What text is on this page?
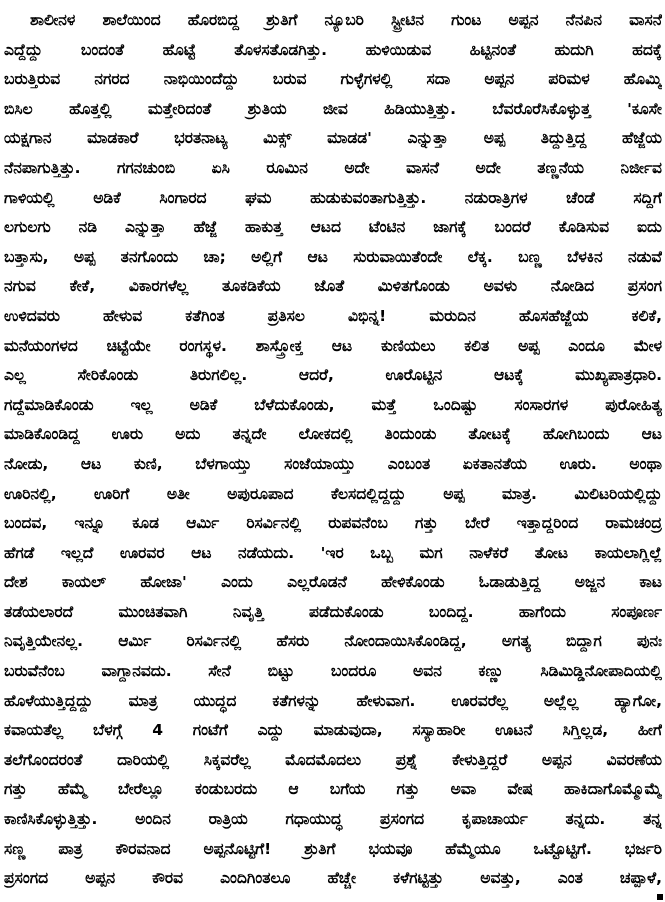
ಶಾಲೀನಳ ಶಾಲೆಯಿಂದ ಹೊರಬಿದ್ದ ಶ್ರುತಿಗೆ ನ್ಯೂಬರಿ ಸ್ಟ್ರೀಟಿನ ಗುಂಟ ಅಪ್ಪನ ನೆನಪಿನ ವಾಸನೆ
ಎದ್ದೆದ್ದು ಬಂದಂತೆ ಹೊಟ್ಟೆ ತೊಳಸತೊಡಗಿತ್ತು. ಹುಳಿಯಿಡುವ ಹಿಟ್ಟಿನಂತೆ ಹುದುಗಿ ಹದಕ್ಕೆ
ಬರುತ್ತಿರುವ ನಗರದ ನಾಭಿಯಿಂದೆದ್ದು ಬರುವ ಗುಳ್ಳೆಗಳಲ್ಲಿ ಸದಾ ಅಪ್ಪನ ಪರಿಮಳ ಹೊಮ್ಮಿ
ಬಿಸಿಲ ಹೊತ್ತಲ್ಲಿ ಮತ್ತೇರಿದಂತೆ ಶ್ರುತಿಯ ಜೀವ ಹಿಡಿಯುತ್ತಿತ್ತು. ಬೆವರೊರೆಸಿಕೊಳ್ಳುತ್ತ 'ಕೂಸೇ
ಯಕ್ಷಗಾನ ಮಾಡಕಾರೆ ಭರತನಾಟ್ಯ ಮಿಕ್ಸ್ ಮಾಡಡ' ಎನ್ನುತ್ತಾ ಅಪ್ಪ ತಿದ್ದುತ್ತಿದ್ದ ಹೆಜ್ಜೆಯ
ನೆನಪಾಗುತ್ತಿತ್ತು. ಗಗನಚುಂಬಿ ಏಸಿ ರೂಮಿನ ಅದೇ ವಾಸನೆ ಅದೇ ತಣ್ಣನೆಯ ನಿರ್ಜೀವ
ಗಾಳಿಯಲ್ಲಿ ಅಡಿಕೆ ಸಿಂಗಾರದ ಘಮ ಹುಡುಕುವಂತಾಗುತ್ತಿತ್ತು. ನಡುರಾತ್ರಿಗಳ ಚೆಂಡೆ ಸದ್ದಿಗೆ
ಲಗುಲಗು ನಡಿ ಎನ್ನುತ್ತಾ ಹೆಜ್ಜೆ ಹಾಕುತ್ತ ಆಟದ ಟೆಂಟಿನ ಜಾಗಕ್ಕೆ ಬಂದರೆ ಕೊಡಿಸುವ ಐದು
ಬತ್ತಾಸು, ಅಪ್ಪ ತನಗೊಂದು ಚಾ; ಅಲ್ಲಿಗೆ ಆಟ ಸುರುವಾಯಿತೆಂದೇ ಲೆಕ್ಕ. ಬಣ್ಣ ಬೆಳಕಿನ ನಡುವೆ
ನಗುವ ಕೇಕೆ, ವಿಕಾರಗಳೆಲ್ಲ ತೂಕಡಿಕೆಯ ಜೊತೆ ಮಿಳಿತಗೊಂಡು ಅವಳು ನೋಡಿದ ಪ್ರಸಂಗ
ಉಳಿದವರು ಹೇಳುವ ಕತೆಗಿಂತ ಪ್ರತಿಸಲ ವಿಭಿನ್ನ! ಮರುದಿನ ಹೊಸಹೆಜ್ಜೆಯ ಕಲಿಕೆ,
ಮನೆಯಂಗಳದ ಚಿಟ್ಟೆಯೇ ರಂಗಸ್ಥಳ. ಶಾಸ್ತ್ರೋಕ್ತ ಆಟ ಕುಣಿಯಲು ಕಲಿತ ಅಪ್ಪ ಎಂದೂ ಮೇಳ
ಎಲ್ಲ ಸೇರಿಕೊಂಡು ತಿರುಗಲಿಲ್ಲ. ಆದರೆ, ಊರೊಟ್ಟಿನ ಆಟಕ್ಕೆ ಮುಖ್ಯಪಾತ್ರಧಾರಿ.
ಗದ್ದೆಮಾಡಿಕೊಂಡು ಇಲ್ಲ ಅಡಿಕೆ ಬೆಳೆದುಕೊಂಡು, ಮತ್ತೆ ಒಂದಿಷ್ಟು ಸಂಸಾರಗಳ ಪುರೋಹಿತ್ಯ
ಮಾಡಿಕೊಂಡಿದ್ದ ಊರು ಅದು ತನ್ನದೇ ಲೋಕದಲ್ಲಿ ತಿಂದುಂಡು ತೋಟಕ್ಕೆ ಹೋಗಿಬಂದು ಆಟ
ನೋಡು, ಆಟ ಕುಣಿ, ಬೆಳಗಾಯ್ತು ಸಂಜೆಯಾಯ್ತು ಎಂಬಂತ ಏಕತಾನತೆಯ ಊರು. ಅಂಥಾ
ಊರಿನಲ್ಲಿ, ಊರಿಗೆ ಅತೀ ಅಪುರೂಪಾದ ಕೆಲಸದಲ್ಲಿದ್ದದ್ದು ಅಪ್ಪ ಮಾತ್ರ. ಮಿಲಿಟರಿಯಲ್ಲಿದ್ದು
ಬಂದವ, ಇನ್ನೂ ಕೂಡ ಆರ್ಮಿ ರಿಸರ್ವಿನಲ್ಲಿ ರುಪವನೆಂಬ ಗತ್ತು ಬೇರೆ ಇತ್ತಾದ್ದರಿಂದ ರಾಮಚಂದ್ರ
ಹೆಗಡೆ ಇಲ್ಲದೆ ಊರವರ ಆಟ ನಡೆಯದು. 'ಇರ ಒಬ್ಬ ಮಗ ನಾಳೆಕರೆ ತೋಟ ಕಾಯಲಾಗ್ಲಿಲ್ಲೆ
ದೇಶ ಕಾಯಲ್ ಹೋಜಾ' ಎಂದು ಎಲ್ಲರೊಡನೆ ಹೇಳಿಕೊಂಡು ಓಡಾಡುತ್ತಿದ್ದ ಅಜ್ಜನ ಕಾಟ
ತಡೆಯಲಾರದೆ ಮುಂಚಿತವಾಗಿ ನಿವೃತ್ತಿ ಪಡೆದುಕೊಂಡು ಬಂದಿದ್ದ. ಹಾಗೆಂದು ಸಂಪೂರ್ಣ
ನಿವೃತ್ತಿಯೇನಲ್ಲ. ಆರ್ಮಿ ರಿಸರ್ವಿನಲ್ಲಿ ಹೆಸರು ನೋಂದಾಯಿಸಿಕೊಂಡಿದ್ದ, ಅಗತ್ಯ ಬಿದ್ದಾಗ ಪುನಃ
ಬರುವೆನೆಂಬ ವಾಗ್ದಾನವದು. ಸೇನೆ ಬಿಟ್ಟು ಬಂದರೂ ಅವನ ಕಣ್ಣು ಸಿಡಿಮಿಡ್ಡಿನೋಪಾದಿಯಲ್ಲಿ
ಹೊಳೆಯುತ್ತಿದ್ದದ್ದು ಮಾತ್ರ ಯುದ್ಧದ ಕತೆಗಳನ್ನು ಹೇಳುವಾಗ. ಊರವರೆಲ್ಲ ಅಲ್ಲೆಲ್ಲ ಹ್ಯಾಗೋ,
ಕವಾಯತೆಲ್ಲ ಬೆಳಗ್ಗೆ 4 ಗಂಟೆಗೆ ಎದ್ದು ಮಾಡುವುದಾ, ಸಸ್ಯಾಹಾರೀ ಊಟನೆ ಸಿಗ್ತಿಲ್ಲಡ, ಹೀಗೆ
ತಲೆಗೊಂದರಂತೆ ದಾರಿಯಲ್ಲಿ ಸಿಕ್ಕವರೆಲ್ಲ ಮೊದಮೊದಲು ಪ್ರಶ್ನೆ ಕೇಳುತ್ತಿದ್ದರೆ ಅಪ್ಪನ ವಿವರಣೆಯ
ಗತ್ತು ಹೆಮ್ಮೆ ಬೇರೆಲ್ಲೂ ಕಂಡುಬರದು ಆ ಬಗೆಯ ಗತ್ತು ಅವಾ ವೇಷ ಹಾಕಿದಾಗೊಮ್ಮೊಮ್ಮೆ
ಕಾಣಿಸಿಕೊಳ್ಳುತ್ತಿತ್ತು. ಅಂದಿನ ರಾತ್ರಿಯ ಗಧಾಯುದ್ಧ ಪ್ರಸಂಗದ ಕೃಪಾಚಾರ್ಯ ತನ್ನದು. ತನ್ನ
ಸಣ್ಣ ಪಾತ್ರ ಕೌರವನಾದ ಅಪ್ಪನೊಟ್ಟಿಗೆ! ಶ್ರುತಿಗೆ ಭಯವೂ ಹೆಮ್ಮೆಯೂ ಒಟ್ಟೊಟ್ಟಿಗೆ. ಭರ್ಜರಿ
ಪ್ರಸಂಗದ ಅಪ್ಪನ ಕೌರವ ಎಂದಿಗಿಂತಲೂ ಹೆಚ್ಚೇ ಕಳೆಗಟ್ಟಿತ್ತು ಅವತ್ತು, ಎಂತ ಚಪ್ಪಾಳೆ,
